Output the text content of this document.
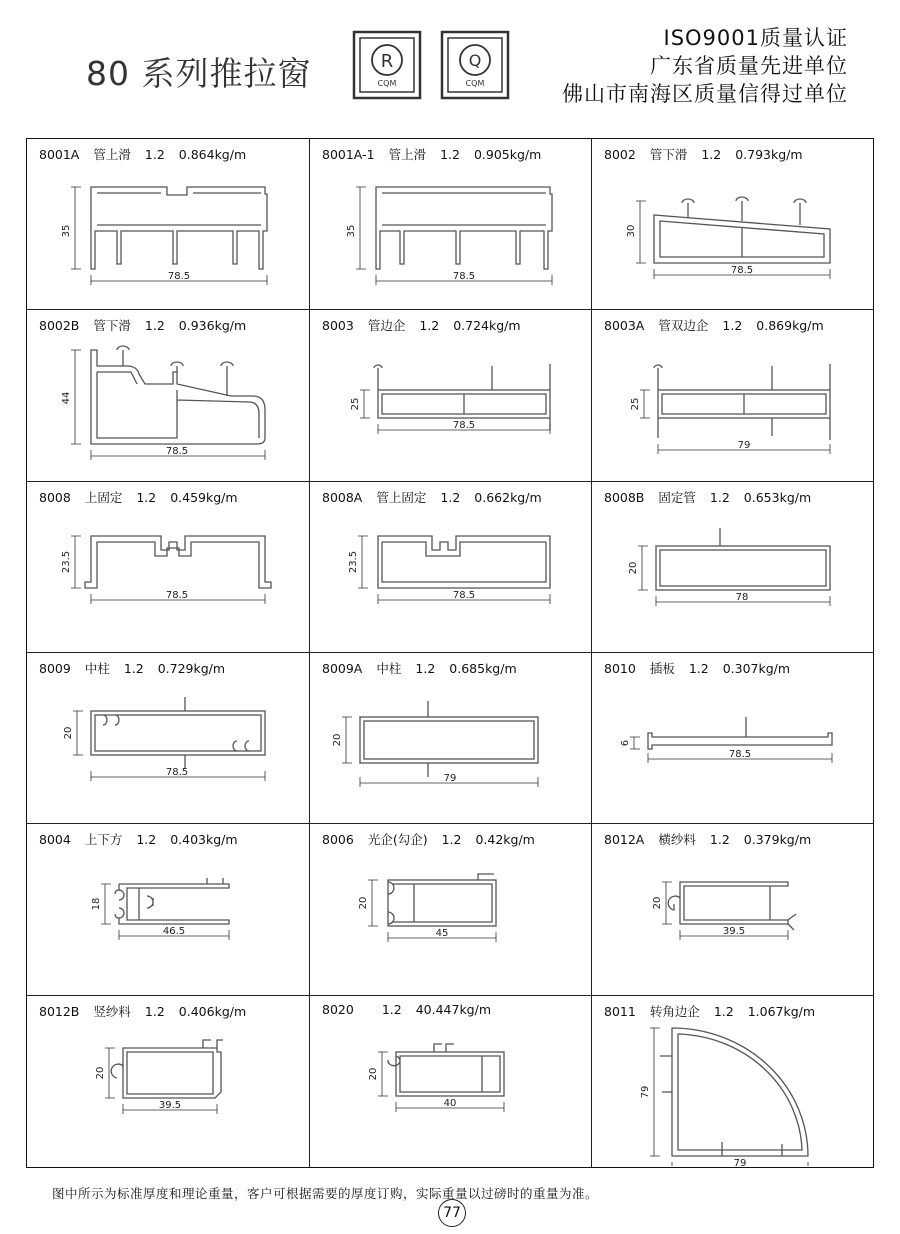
80 系列推拉窗	R
CQM
Q
CQM
ISO9001质量认证
广东省质量先进单位
佛山市南海区质量信得过单位
8001A 管上滑 1.2 0.864kg/m
35
78.5
8001A-1 管上滑 1.2 0.905kg/m
35
78.5
8002 管下滑 1.2 0.793kg/m
30
78.5
8002B 管下滑 1.2 0.936kg/m
44
78.5
8003 管边企 1.2 0.724kg/m
25
78.5
8003A 管双边企 1.2 0.869kg/m
25
79
8008 上固定 1.2 0.459kg/m
23.5
78.5
8008A 管上固定 1.2 0.662kg/m
23.5
78.5
8008B 固定管 1.2 0.653kg/m
20
78
8009 中柱 1.2 0.729kg/m
20
78.5
8009A 中柱 1.2 0.685kg/m
20
79
8010 插板 1.2 0.307kg/m
6
78.5
8004 上下方 1.2 0.403kg/m
18
46.5
8006 光企(勾企) 1.2 0.42kg/m
20
45
8012A 横纱料 1.2 0.379kg/m
20
39.5
8012B 竖纱料 1.2 0.406kg/m
20
39.5
8020 1.2 40.447kg/m
20
40
8011 转角边企 1.2 1.067kg/m
79
79
图中所示为标准厚度和理论重量，客户可根据需要的厚度订购，实际重量以过磅时的重量为准。
77
